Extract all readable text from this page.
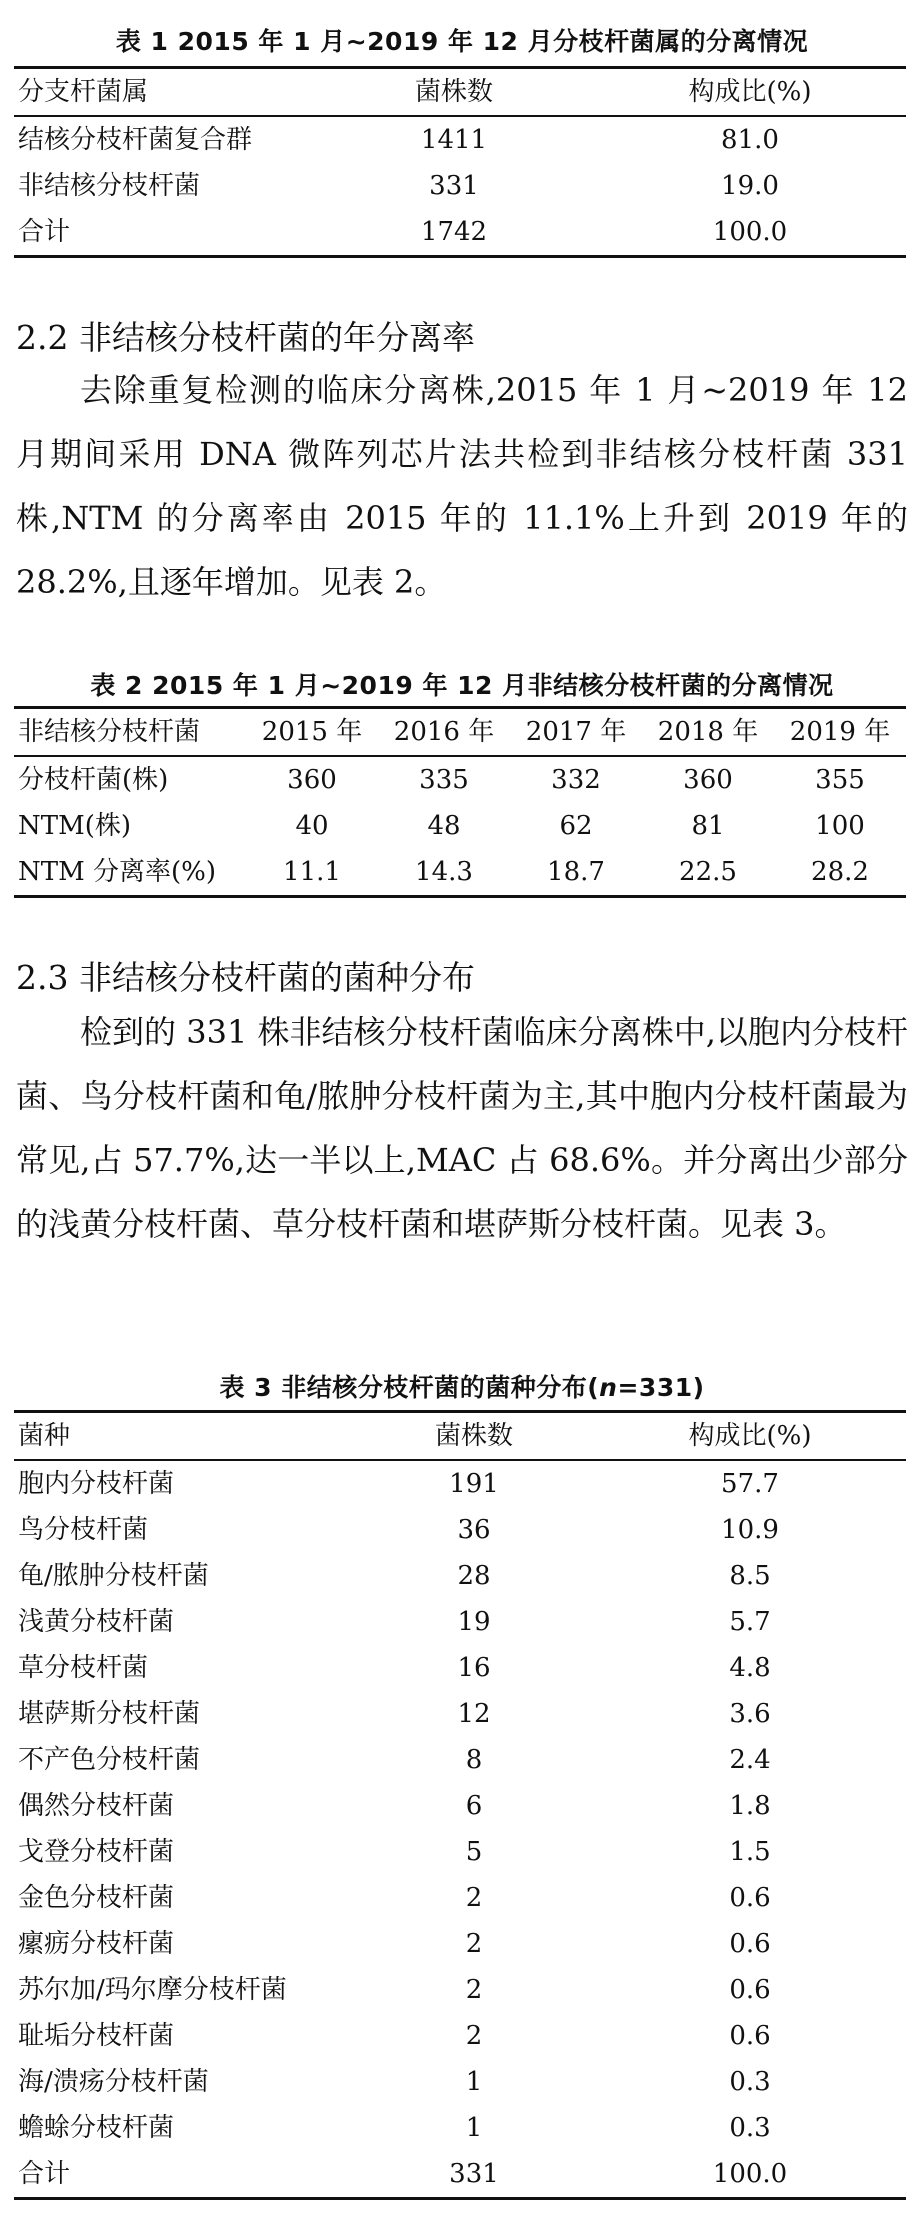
表 1 2015 年 1 月~2019 年 12 月分枝杆菌属的分离情况
分支杆菌属	菌株数	构成比(%)
结核分枝杆菌复合群	1411	81.0
非结核分枝杆菌	331	19.0
合计	1742	100.0
2.2 非结核分枝杆菌的年分离率
去除重复检测的临床分离株,2015 年 1 月~2019 年 12 月期间采用 DNA 微阵列芯片法共检到非结核分枝杆菌 331 株,NTM 的分离率由 2015 年的 11.1%上升到 2019 年的 28.2%,且逐年增加。见表 2。
表 2 2015 年 1 月~2019 年 12 月非结核分枝杆菌的分离情况
非结核分枝杆菌	2015 年	2016 年	2017 年	2018 年	2019 年
分枝杆菌(株)	360	335	332	360	355
NTM(株)	40	48	62	81	100
NTM 分离率(%)	11.1	14.3	18.7	22.5	28.2
2.3 非结核分枝杆菌的菌种分布
检到的 331 株非结核分枝杆菌临床分离株中,以胞内分枝杆菌、鸟分枝杆菌和龟/脓肿分枝杆菌为主,其中胞内分枝杆菌最为常见,占 57.7%,达一半以上,MAC 占 68.6%。并分离出少部分的浅黄分枝杆菌、草分枝杆菌和堪萨斯分枝杆菌。见表 3。
表 3 非结核分枝杆菌的菌种分布(n=331)
菌种	菌株数	构成比(%)
胞内分枝杆菌	191	57.7
鸟分枝杆菌	36	10.9
龟/脓肿分枝杆菌	28	8.5
浅黄分枝杆菌	19	5.7
草分枝杆菌	16	4.8
堪萨斯分枝杆菌	12	3.6
不产色分枝杆菌	8	2.4
偶然分枝杆菌	6	1.8
戈登分枝杆菌	5	1.5
金色分枝杆菌	2	0.6
瘰疬分枝杆菌	2	0.6
苏尔加/玛尔摩分枝杆菌	2	0.6
耻垢分枝杆菌	2	0.6
海/溃疡分枝杆菌	1	0.3
蟾蜍分枝杆菌	1	0.3
合计	331	100.0
